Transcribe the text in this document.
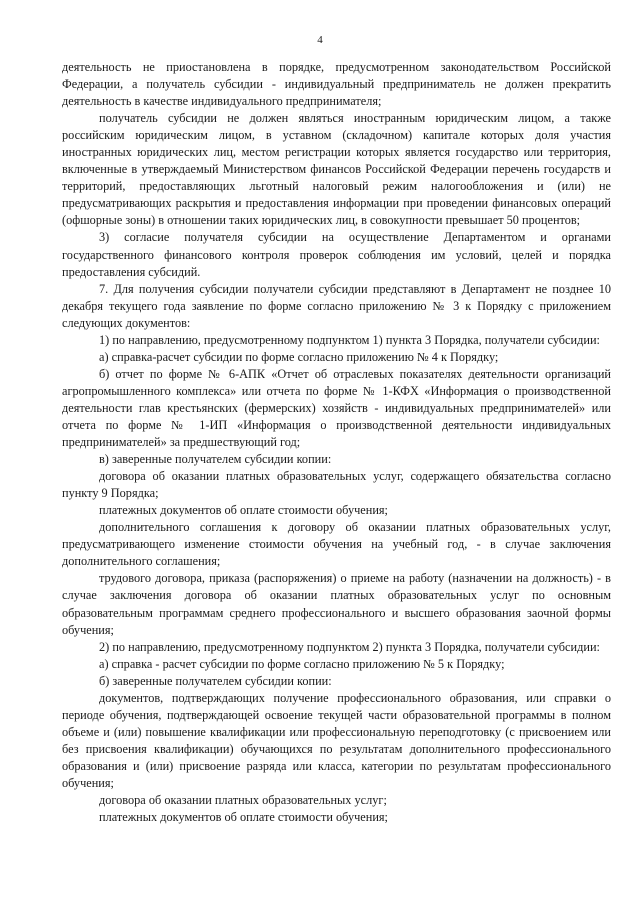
4

деятельность не приостановлена в порядке, предусмотренном законодательством Российской Федерации, а получатель субсидии - индивидуальный предприниматель не должен прекратить деятельность в качестве индивидуального предпринимателя;

получатель субсидии не должен являться иностранным юридическим лицом, а также российским юридическим лицом, в уставном (складочном) капитале которых доля участия иностранных юридических лиц, местом регистрации которых является государство или территория, включенные в утверждаемый Министерством финансов Российской Федерации перечень государств и территорий, предоставляющих льготный налоговый режим налогообложения и (или) не предусматривающих раскрытия и предоставления информации при проведении финансовых операций (офшорные зоны) в отношении таких юридических лиц, в совокупности превышает 50 процентов;

3) согласие получателя субсидии на осуществление Департаментом и органами государственного финансового контроля проверок соблюдения им условий, целей и порядка предоставления субсидий.

7. Для получения субсидии получатели субсидии представляют в Департамент не позднее 10 декабря текущего года заявление по форме согласно приложению № 3 к Порядку с приложением следующих документов:

1) по направлению, предусмотренному подпунктом 1) пункта 3 Порядка, получатели субсидии:

а) справка-расчет субсидии по форме согласно приложению № 4 к Порядку;

б) отчет по форме № 6-АПК «Отчет об отраслевых показателях деятельности организаций агропромышленного комплекса» или отчета по форме № 1-КФХ «Информация о производственной деятельности глав крестьянских (фермерских) хозяйств - индивидуальных предпринимателей» или отчета по форме № 1-ИП «Информация о производственной деятельности индивидуальных предпринимателей» за предшествующий год;

в) заверенные получателем субсидии копии:

договора об оказании платных образовательных услуг, содержащего обязательства согласно пункту 9 Порядка;

платежных документов об оплате стоимости обучения;

дополнительного соглашения к договору об оказании платных образовательных услуг, предусматривающего изменение стоимости обучения на учебный год, - в случае заключения дополнительного соглашения;

трудового договора, приказа (распоряжения) о приеме на работу (назначении на должность) - в случае заключения договора об оказании платных образовательных услуг по основным образовательным программам среднего профессионального и высшего образования заочной формы обучения;

2) по направлению, предусмотренному подпунктом 2) пункта 3 Порядка, получатели субсидии:

а) справка - расчет субсидии по форме согласно приложению № 5 к Порядку;

б) заверенные получателем субсидии копии:

документов, подтверждающих получение профессионального образования, или справки о периоде обучения, подтверждающей освоение текущей части образовательной программы в полном объеме и (или) повышение квалификации или профессиональную переподготовку (с присвоением или без присвоения квалификации) обучающихся по результатам дополнительного профессионального образования и (или) присвоение разряда или класса, категории по результатам профессионального обучения;

договора об оказании платных образовательных услуг;

платежных документов об оплате стоимости обучения;
